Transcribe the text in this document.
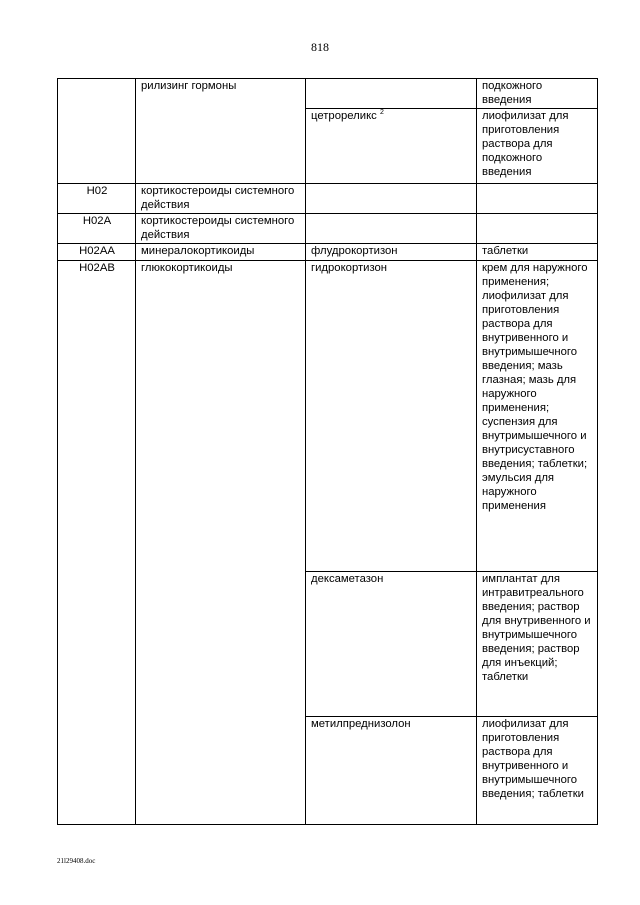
818
	рилизинг гормоны		подкожного введения
		цетрореликс $^2$	лиофилизат для приготовления раствора для подкожного введения
H02	кортикостероиды системного действия		
H02A	кортикостероиды системного действия		
H02AA	минералокортикоиды	флудрокортизон	таблетки
H02AB	глюкокортикоиды	гидрокортизон	крем для наружного применения; лиофилизат для приготовления раствора для внутривенного и внутримышечного введения; мазь глазная; мазь для наружного применения; суспензия для внутримышечного и внутрисуставного введения; таблетки; эмульсия для наружного применения
		дексаметазон	имплантат для интравитреального введения; раствор для внутривенного и внутримышечного введения; раствор для инъекций; таблетки
		метилпреднизолон	лиофилизат для приготовления раствора для внутривенного и внутримышечного введения; таблетки
21l29408.doc
